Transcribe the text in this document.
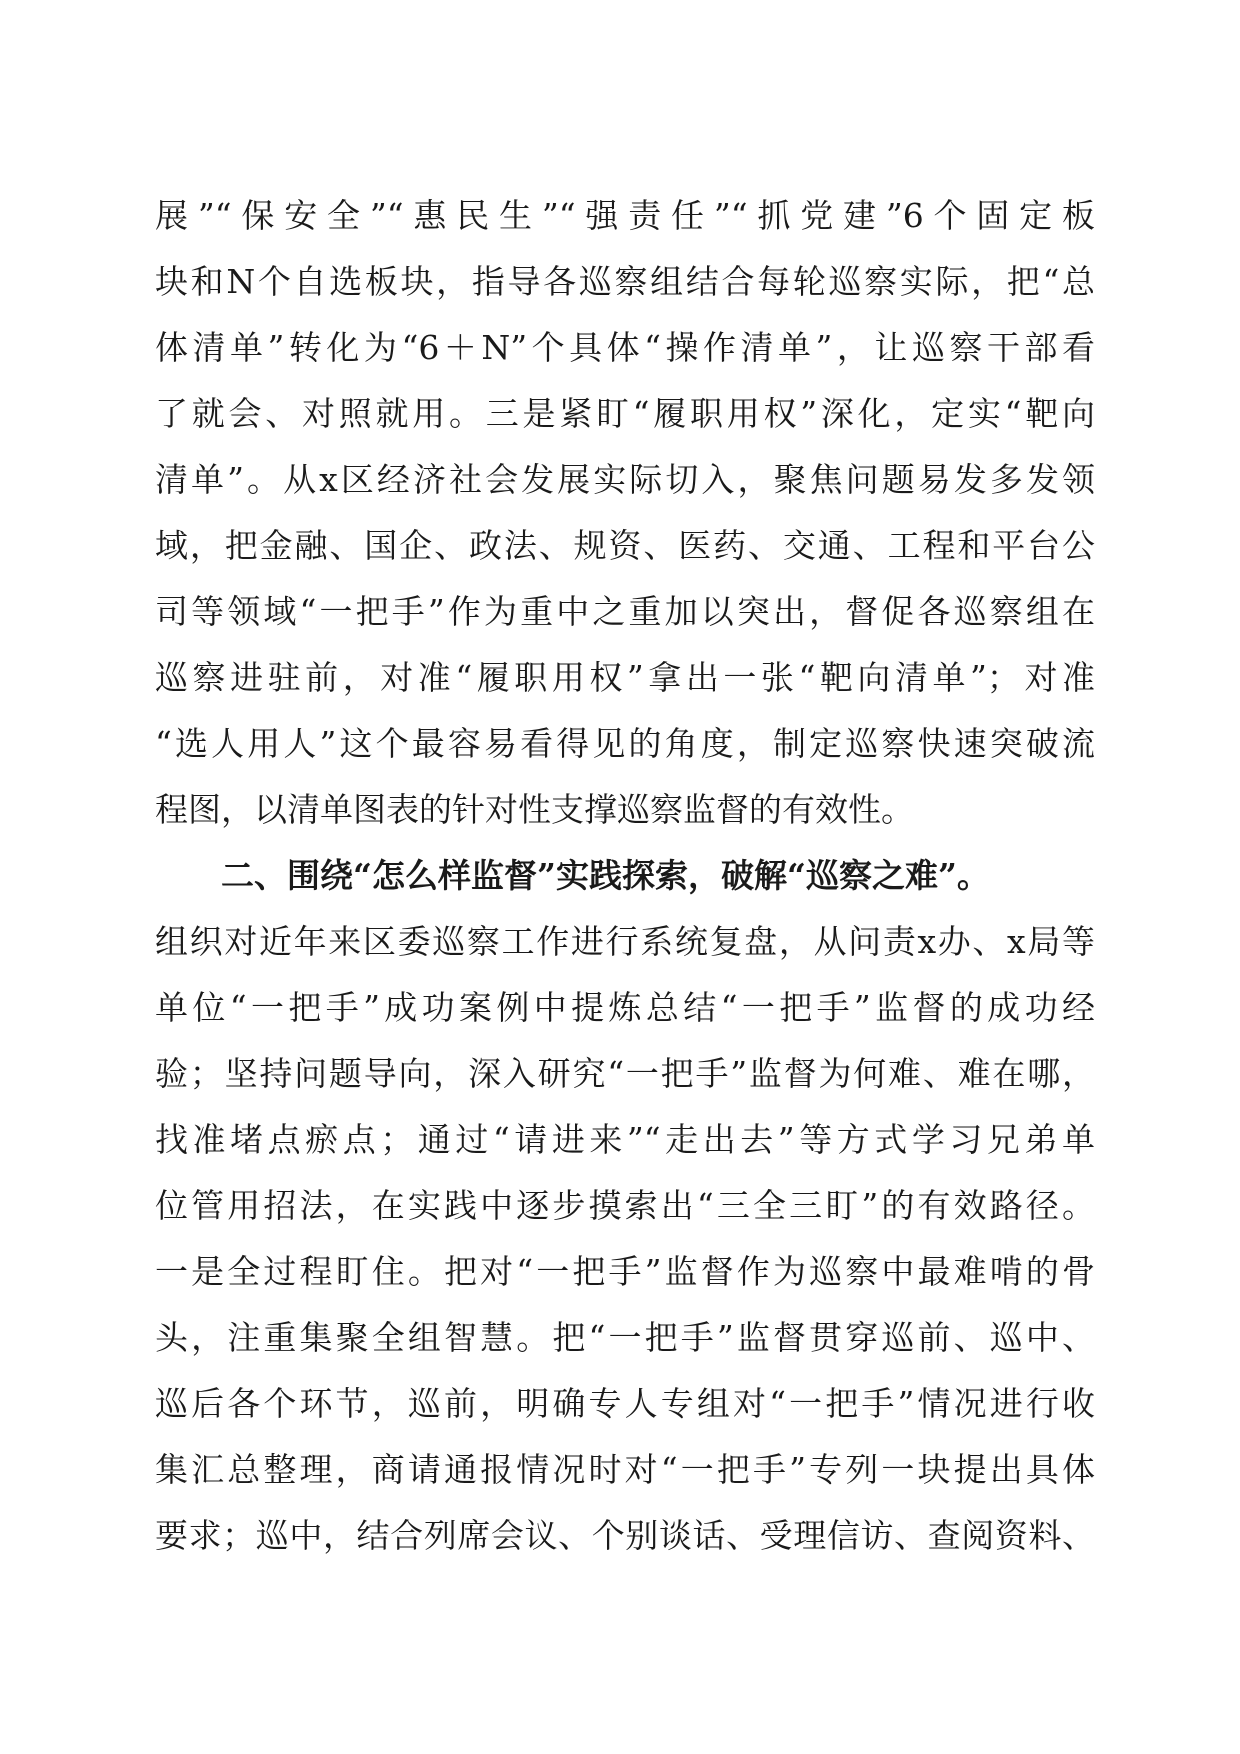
展”“保安全”“惠民生”“强责任”“抓党建”6个固定板
块和N个自选板块，指导各巡察组结合每轮巡察实际，把“总
体清单”转化为“6＋N”个具体“操作清单”，让巡察干部看
了就会、对照就用。三是紧盯“履职用权”深化，定实“靶向
清单”。从x区经济社会发展实际切入，聚焦问题易发多发领
域，把金融、国企、政法、规资、医药、交通、工程和平台公
司等领域“一把手”作为重中之重加以突出，督促各巡察组在
巡察进驻前，对准“履职用权”拿出一张“靶向清单”；对准
“选人用人”这个最容易看得见的角度，制定巡察快速突破流
程图，以清单图表的针对性支撑巡察监督的有效性。
二、围绕“怎么样监督”实践探索，破解“巡察之难”。
组织对近年来区委巡察工作进行系统复盘，从问责x办、x局等
单位“一把手”成功案例中提炼总结“一把手”监督的成功经
验；坚持问题导向，深入研究“一把手”监督为何难、难在哪，
找准堵点瘀点；通过“请进来”“走出去”等方式学习兄弟单
位管用招法，在实践中逐步摸索出“三全三盯”的有效路径。
一是全过程盯住。把对“一把手”监督作为巡察中最难啃的骨
头，注重集聚全组智慧。把“一把手”监督贯穿巡前、巡中、
巡后各个环节，巡前，明确专人专组对“一把手”情况进行收
集汇总整理，商请通报情况时对“一把手”专列一块提出具体
要求；巡中，结合列席会议、个别谈话、受理信访、查阅资料、
